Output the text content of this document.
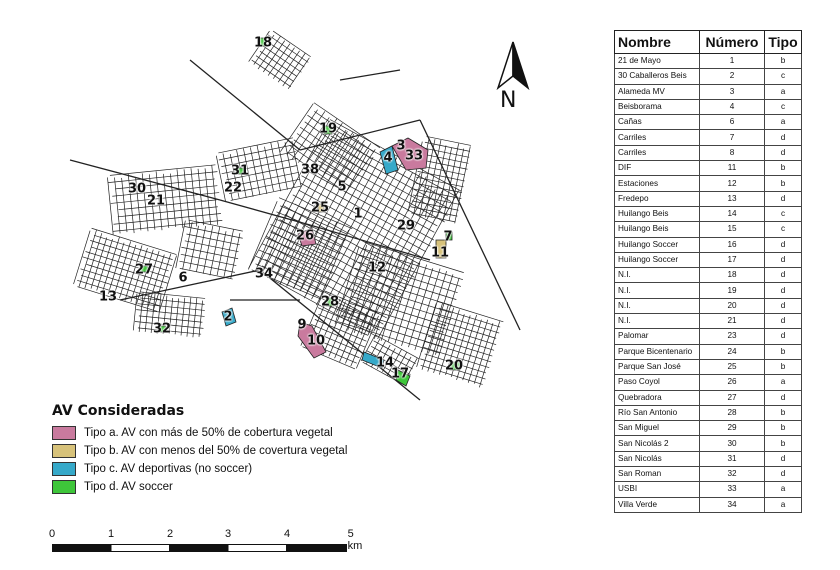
18
19
3
4 33
38
31
5
30	22
21	25 1
29
26	7
11
27
6
12
34
13
2
28
32	9
10
14
17
20
N
AV Consideradas
Tipo a. AV con más de 50% de cobertura vegetal
Tipo b. AV con menos del 50% de covertura vegetal
Tipo c. AV deportivas (no soccer)
Tipo d. AV soccer
0	1	2	3	4	5 km
Nombre	Número	Tipo
21 de Mayo	1	b
30 Caballeros Beis	2	c
Alameda MV	3	a
Beisborama	4	c
Cañas	6	a
Carriles	7	d
Carriles	8	d
DIF	11	b
Estaciones	12	b
Fredepo	13	d
Huilango Beis	14	c
Huilango Beis	15	c
Huilango Soccer	16	d
Huilango Soccer	17	d
N.I.	18	d
N.I.	19	d
N.I.	20	d
N.I.	21	d
Palomar	23	d
Parque Bicentenario	24	b
Parque San José	25	b
Paso Coyol	26	a
Quebradora	27	d
Río San Antonio	28	b
San Miguel	29	b
San Nicolás 2	30	b
San Nicolás	31	d
San Roman	32	d
USBI	33	a
Villa Verde	34	a
